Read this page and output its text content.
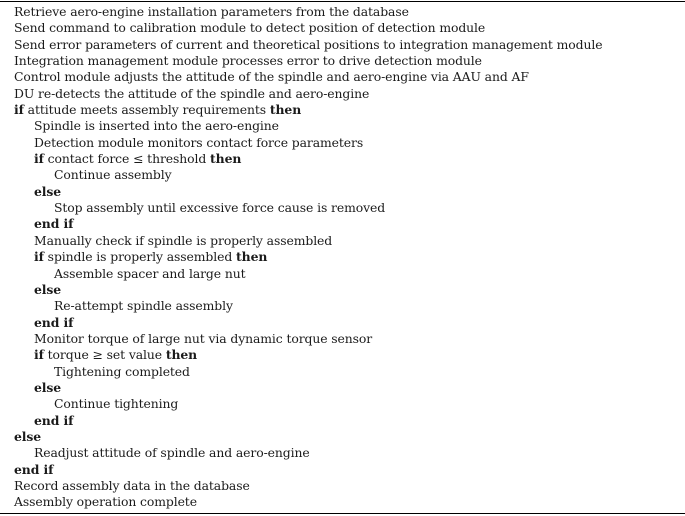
Retrieve aero-engine installation parameters from the database
Send command to calibration module to detect position of detection module
Send error parameters of current and theoretical positions to integration management module
Integration management module processes error to drive detection module
Control module adjusts the attitude of the spindle and aero-engine via AAU and AF
DU re-detects the attitude of the spindle and aero-engine
if attitude meets assembly requirements then
Spindle is inserted into the aero-engine
Detection module monitors contact force parameters
if contact force ≤ threshold then
Continue assembly
else
Stop assembly until excessive force cause is removed
end if
Manually check if spindle is properly assembled
if spindle is properly assembled then
Assemble spacer and large nut
else
Re-attempt spindle assembly
end if
Monitor torque of large nut via dynamic torque sensor
if torque ≥ set value then
Tightening completed
else
Continue tightening
end if
else
Readjust attitude of spindle and aero-engine
end if
Record assembly data in the database
Assembly operation complete
